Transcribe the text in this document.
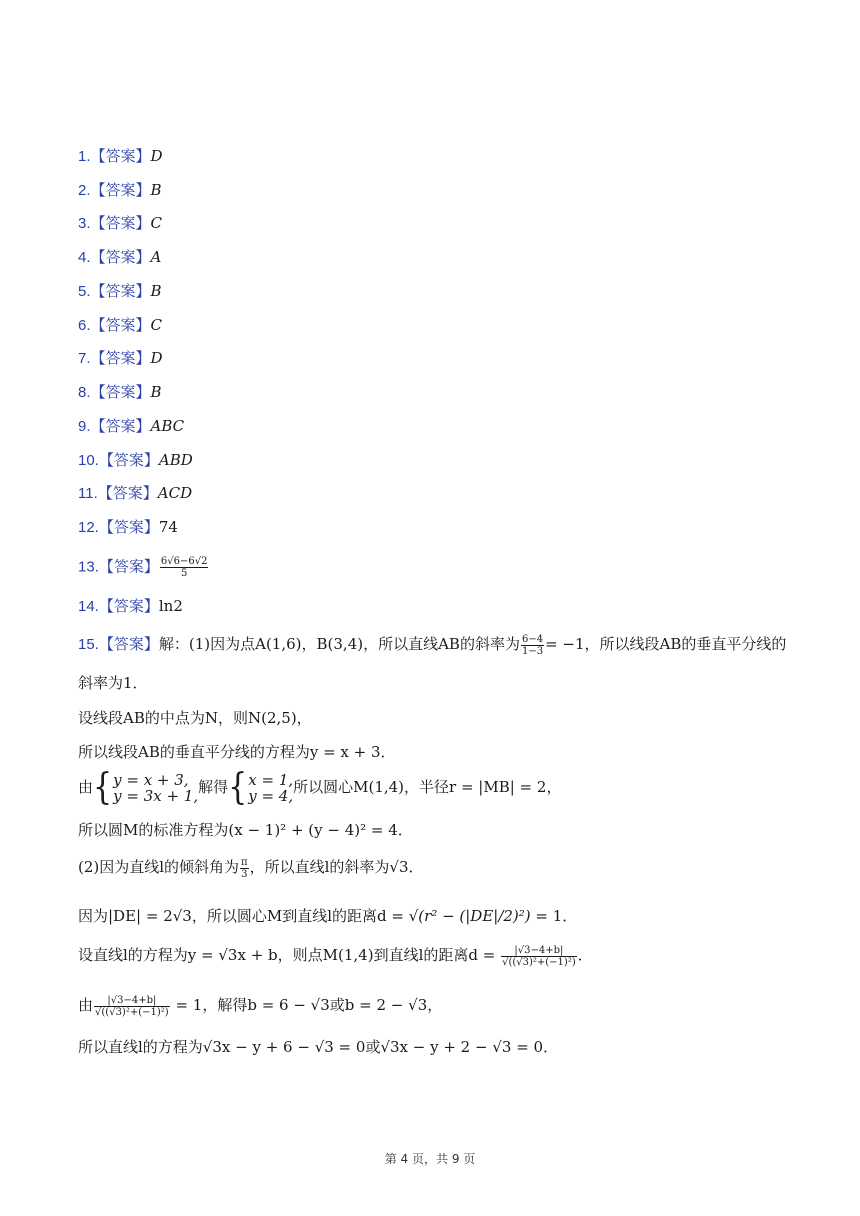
1.【答案】D
2.【答案】B
3.【答案】C
4.【答案】A
5.【答案】B
6.【答案】C
7.【答案】D
8.【答案】B
9.【答案】ABC
10.【答案】ABD
11.【答案】ACD
12.【答案】74
13.【答案】 $\frac{6√6-6√2}{5}$
14.【答案】ln2
15.【答案】解：(1)因为点A(1,6)，B(3,4)，所以直线AB的斜率为 $\frac{6-4}{1-3} = -1$，所以线段AB的垂直平分线的
斜率为1．
设线段AB的中点为N，则N(2,5)，
所以线段AB的垂直平分线的方程为y = x + 3．
由{ y = x + 3,
y = 3x + 1, 解得{ x = 1,
y = 4, 所以圆心M(1,4)，半径r = |MB| = 2，
所以圆M的标准方程为(x − 1)² + (y − 4)² = 4．
(2)因为直线l的倾斜角为 $\frac{\pi}{3}$ ，所以直线l的斜率为√3．
因为|DE| = 2√3，所以圆心M到直线l的距离d = √(r² − (|DE|/2)²) = 1．
设直线l的方程为y = √3x + b，则点M(1,4)到直线l的距离$d = \frac{|√3-4+b|}{\text{√((√3)²+(−1)²)}}$ ．
由 $\frac{|√3-4+b|}{\text{√((√3)²+(−1)²)}} = 1$，解得b = 6 − √3或b = 2 − √3，
所以直线l的方程为√3x − y + 6 − √3 = 0或√3x − y + 2 − √3 = 0．
第 4 页，共 9 页
